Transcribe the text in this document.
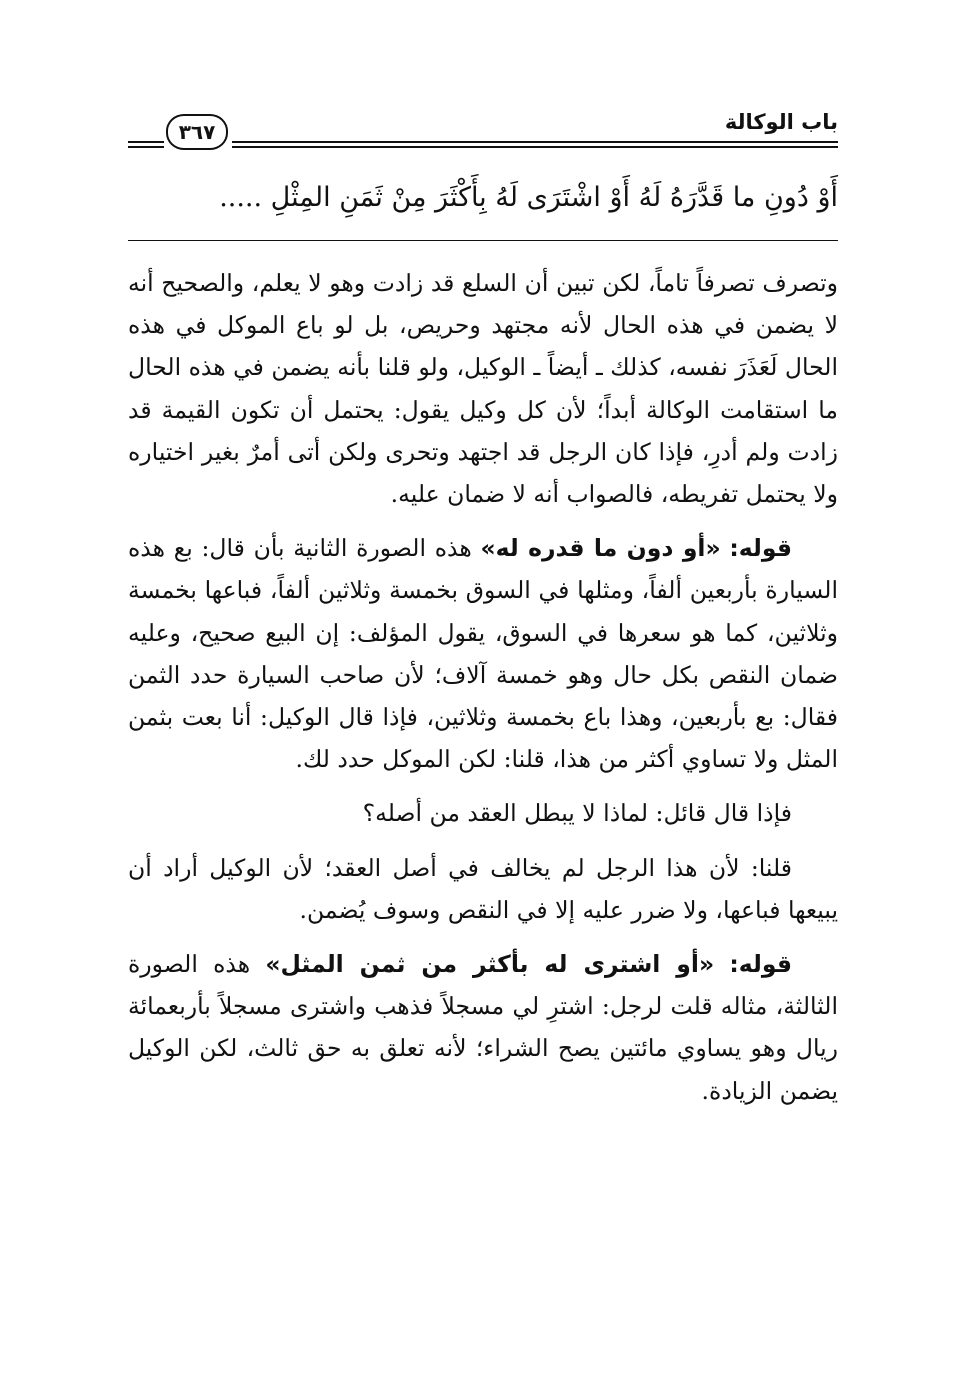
باب الوكالة
٣٦٧
أَوْ دُونِ ما قَدَّرَهُ لَهُ أَوْ اشْتَرَى لَهُ بِأَكْثَرَ مِنْ ثَمَنِ المِثْلِ .....

وتصرف تصرفاً تاماً، لكن تبين أن السلع قد زادت وهو لا يعلم، والصحيح أنه لا يضمن في هذه الحال لأنه مجتهد وحريص، بل لو باع الموكل في هذه الحال لَعَذَرَ نفسه، كذلك ـ أيضاً ـ الوكيل، ولو قلنا بأنه يضمن في هذه الحال ما استقامت الوكالة أبداً؛ لأن كل وكيل يقول: يحتمل أن تكون القيمة قد زادت ولم أدرِ، فإذا كان الرجل قد اجتهد وتحرى ولكن أتى أمرٌ بغير اختياره ولا يحتمل تفريطه، فالصواب أنه لا ضمان عليه.

قوله: «أو دون ما قدره له» هذه الصورة الثانية بأن قال: بع هذه السيارة بأربعين ألفاً، ومثلها في السوق بخمسة وثلاثين ألفاً، فباعها بخمسة وثلاثين، كما هو سعرها في السوق، يقول المؤلف: إن البيع صحيح، وعليه ضمان النقص بكل حال وهو خمسة آلاف؛ لأن صاحب السيارة حدد الثمن فقال: بع بأربعين، وهذا باع بخمسة وثلاثين، فإذا قال الوكيل: أنا بعت بثمن المثل ولا تساوي أكثر من هذا، قلنا: لكن الموكل حدد لك.

فإذا قال قائل: لماذا لا يبطل العقد من أصله؟

قلنا: لأن هذا الرجل لم يخالف في أصل العقد؛ لأن الوكيل أراد أن يبيعها فباعها، ولا ضرر عليه إلا في النقص وسوف يُضمن.

قوله: «أو اشترى له بأكثر من ثمن المثل» هذه الصورة الثالثة، مثاله قلت لرجل: اشترِ لي مسجلاً فذهب واشترى مسجلاً بأربعمائة ريال وهو يساوي مائتين يصح الشراء؛ لأنه تعلق به حق ثالث، لكن الوكيل يضمن الزيادة.
